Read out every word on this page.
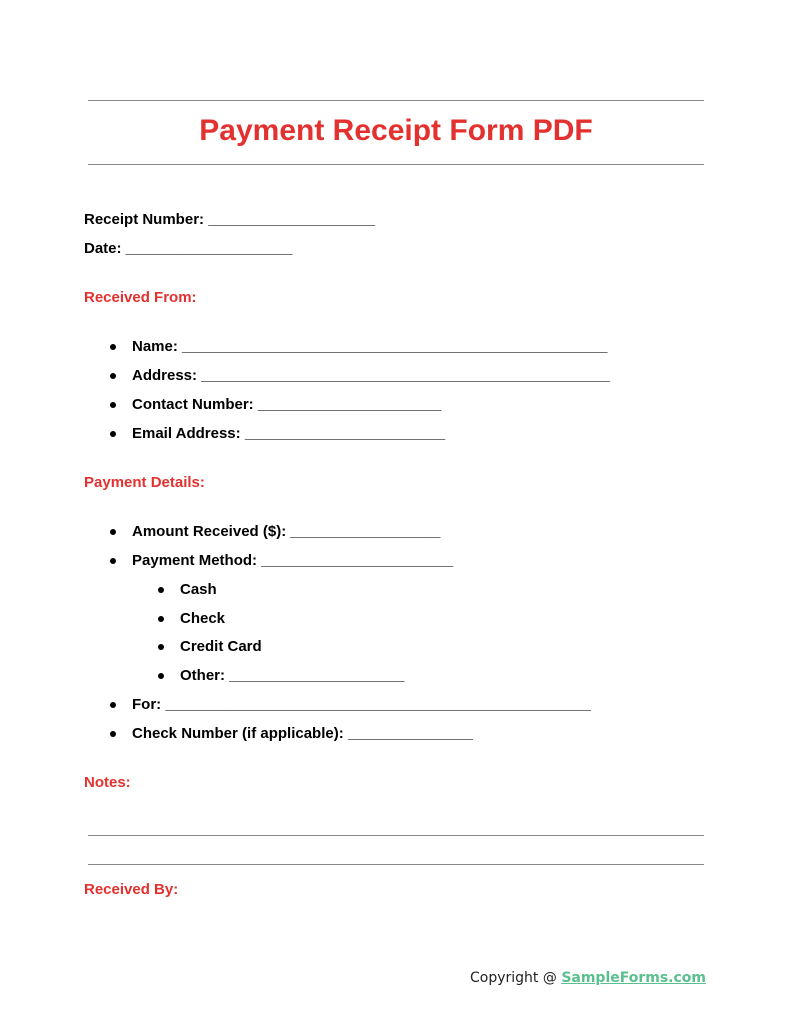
Payment Receipt Form PDF
Receipt Number: ____________________
Date: ____________________
Received From:
Name: ___________________________________________________
Address: _________________________________________________
Contact Number: ______________________
Email Address: ________________________
Payment Details:
Amount Received ($): __________________
Payment Method: _______________________
Cash
Check
Credit Card
Other: _____________________
For: ___________________________________________________
Check Number (if applicable): _______________
Notes:
Received By:
Copyright @ SampleForms.com
